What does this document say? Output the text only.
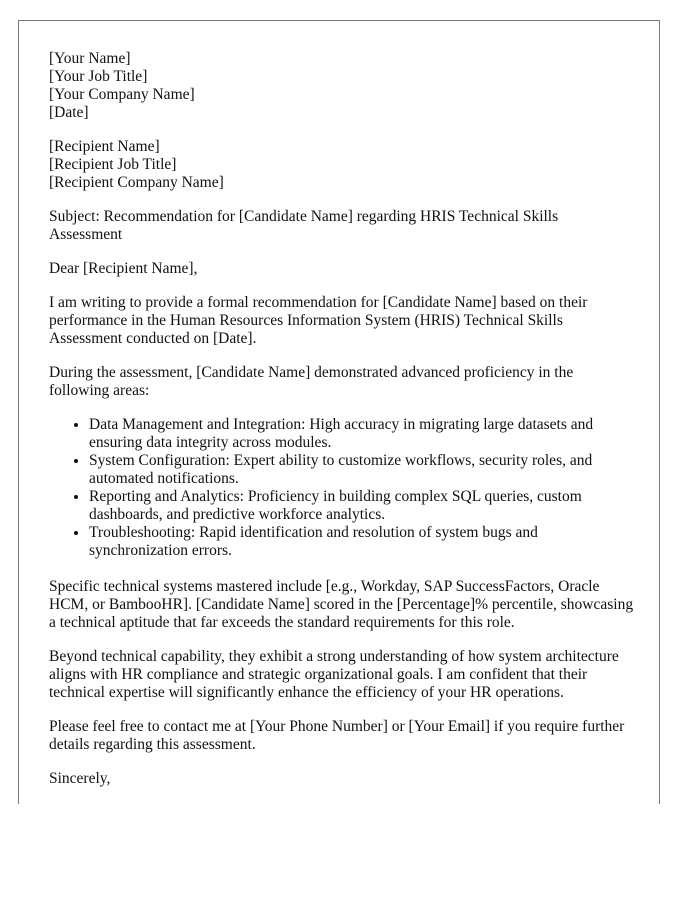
[Your Name]
[Your Job Title]
[Your Company Name]
[Date]
[Recipient Name]
[Recipient Job Title]
[Recipient Company Name]

Subject: Recommendation for [Candidate Name] regarding HRIS Technical Skills Assessment

Dear [Recipient Name],

I am writing to provide a formal recommendation for [Candidate Name] based on their performance in the Human Resources Information System (HRIS) Technical Skills Assessment conducted on [Date].

During the assessment, [Candidate Name] demonstrated advanced proficiency in the following areas:

• Data Management and Integration: High accuracy in migrating large datasets and ensuring data integrity across modules.
• System Configuration: Expert ability to customize workflows, security roles, and automated notifications.
• Reporting and Analytics: Proficiency in building complex SQL queries, custom dashboards, and predictive workforce analytics.
• Troubleshooting: Rapid identification and resolution of system bugs and synchronization errors.

Specific technical systems mastered include [e.g., Workday, SAP SuccessFactors, Oracle HCM, or BambooHR]. [Candidate Name] scored in the [Percentage]% percentile, showcasing a technical aptitude that far exceeds the standard requirements for this role.

Beyond technical capability, they exhibit a strong understanding of how system architecture aligns with HR compliance and strategic organizational goals. I am confident that their technical expertise will significantly enhance the efficiency of your HR operations.

Please feel free to contact me at [Your Phone Number] or [Your Email] if you require further details regarding this assessment.

Sincerely,
